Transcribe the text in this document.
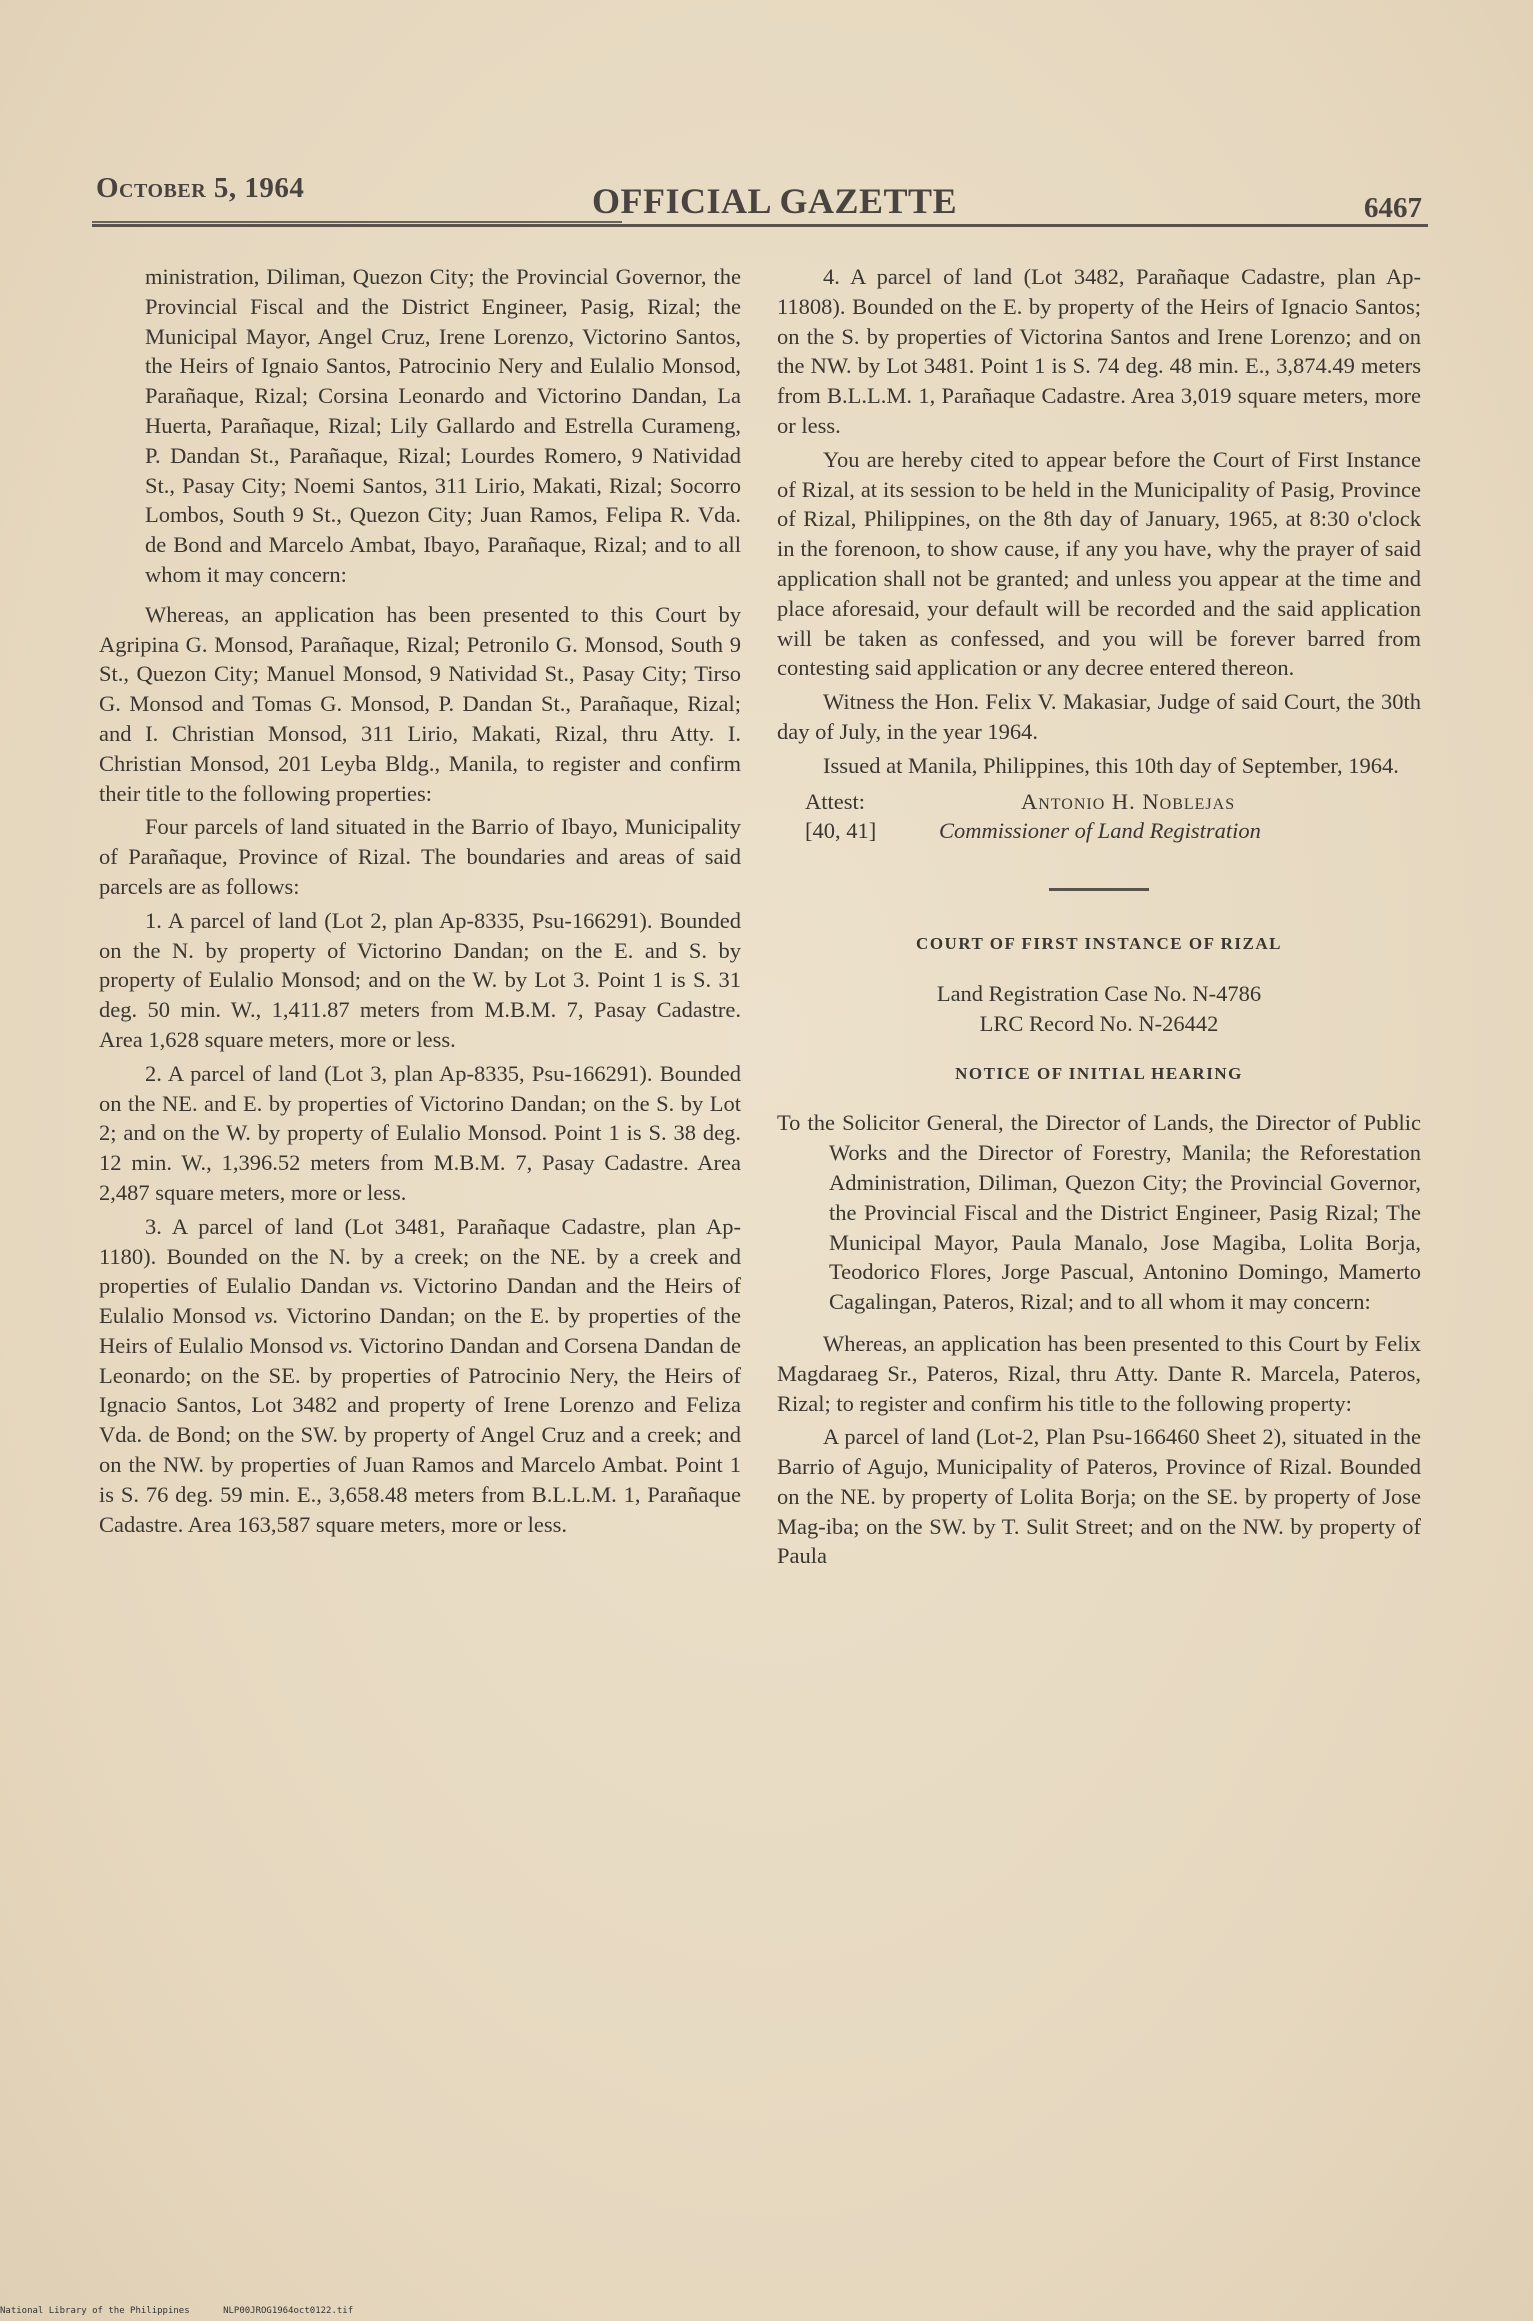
October 5, 1964	OFFICIAL GAZETTE	6467

ministration, Diliman, Quezon City; the Provincial Governor, the Provincial Fiscal and the District Engineer, Pasig, Rizal; the Municipal Mayor, Angel Cruz, Irene Lorenzo, Victorino Santos, the Heirs of Ignaio Santos, Patrocinio Nery and Eulalio Monsod, Parañaque, Rizal; Corsina Leonardo and Victorino Dandan, La Huerta, Parañaque, Rizal; Lily Gallardo and Estrella Curameng, P. Dandan St., Parañaque, Rizal; Lourdes Romero, 9 Natividad St., Pasay City; Noemi Santos, 311 Lirio, Makati, Rizal; Socorro Lombos, South 9 St., Quezon City; Juan Ramos, Felipa R. Vda. de Bond and Marcelo Ambat, Ibayo, Parañaque, Rizal; and to all whom it may concern:

Whereas, an application has been presented to this Court by Agripina G. Monsod, Parañaque, Rizal; Petronilo G. Monsod, South 9 St., Quezon City; Manuel Monsod, 9 Natividad St., Pasay City; Tirso G. Monsod and Tomas G. Monsod, P. Dandan St., Parañaque, Rizal; and I. Christian Monsod, 311 Lirio, Makati, Rizal, thru Atty. I. Christian Monsod, 201 Leyba Bldg., Manila, to register and confirm their title to the following properties:

Four parcels of land situated in the Barrio of Ibayo, Municipality of Parañaque, Province of Rizal. The boundaries and areas of said parcels are as follows:

1. A parcel of land (Lot 2, plan Ap-8335, Psu-166291). Bounded on the N. by property of Victorino Dandan; on the E. and S. by property of Eulalio Monsod; and on the W. by Lot 3. Point 1 is S. 31 deg. 50 min. W., 1,411.87 meters from M.B.M. 7, Pasay Cadastre. Area 1,628 square meters, more or less.

2. A parcel of land (Lot 3, plan Ap-8335, Psu-166291). Bounded on the NE. and E. by properties of Victorino Dandan; on the S. by Lot 2; and on the W. by property of Eulalio Monsod. Point 1 is S. 38 deg. 12 min. W., 1,396.52 meters from M.B.M. 7, Pasay Cadastre. Area 2,487 square meters, more or less.

3. A parcel of land (Lot 3481, Parañaque Cadastre, plan Ap-1180). Bounded on the N. by a creek; on the NE. by a creek and properties of Eulalio Dandan vs. Victorino Dandan and the Heirs of Eulalio Monsod vs. Victorino Dandan; on the E. by properties of the Heirs of Eulalio Monsod vs. Victorino Dandan and Corsena Dandan de Leonardo; on the SE. by properties of Patrocinio Nery, the Heirs of Ignacio Santos, Lot 3482 and property of Irene Lorenzo and Feliza Vda. de Bond; on the SW. by property of Angel Cruz and a creek; and on the NW. by properties of Juan Ramos and Marcelo Ambat. Point 1 is S. 76 deg. 59 min. E., 3,658.48 meters from B.L.L.M. 1, Parañaque Cadastre. Area 163,587 square meters, more or less.

4. A parcel of land (Lot 3482, Parañaque Cadastre, plan Ap-11808). Bounded on the E. by property of the Heirs of Ignacio Santos; on the S. by properties of Victorina Santos and Irene Lorenzo; and on the NW. by Lot 3481. Point 1 is S. 74 deg. 48 min. E., 3,874.49 meters from B.L.L.M. 1, Parañaque Cadastre. Area 3,019 square meters, more or less.

You are hereby cited to appear before the Court of First Instance of Rizal, at its session to be held in the Municipality of Pasig, Province of Rizal, Philippines, on the 8th day of January, 1965, at 8:30 o'clock in the forenoon, to show cause, if any you have, why the prayer of said application shall not be granted; and unless you appear at the time and place aforesaid, your default will be recorded and the said application will be taken as confessed, and you will be forever barred from contesting said application or any decree entered thereon.

Witness the Hon. Felix V. Makasiar, Judge of said Court, the 30th day of July, in the year 1964.

Issued at Manila, Philippines, this 10th day of September, 1964.

Attest:	Antonio H. Noblejas
[40, 41]	Commissioner of Land Registration

COURT OF FIRST INSTANCE OF RIZAL

Land Registration Case No. N-4786

LRC Record No. N-26442

NOTICE OF INITIAL HEARING

To the Solicitor General, the Director of Lands, the Director of Public Works and the Director of Forestry, Manila; the Reforestation Administration, Diliman, Quezon City; the Provincial Governor, the Provincial Fiscal and the District Engineer, Pasig Rizal; The Municipal Mayor, Paula Manalo, Jose Magiba, Lolita Borja, Teodorico Flores, Jorge Pascual, Antonino Domingo, Mamerto Cagalingan, Pateros, Rizal; and to all whom it may concern:

Whereas, an application has been presented to this Court by Felix Magdaraeg Sr., Pateros, Rizal, thru Atty. Dante R. Marcela, Pateros, Rizal; to register and confirm his title to the following property:

A parcel of land (Lot-2, Plan Psu-166460 Sheet 2), situated in the Barrio of Agujo, Municipality of Pateros, Province of Rizal. Bounded on the NE. by property of Lolita Borja; on the SE. by property of Jose Mag-iba; on the SW. by T. Sulit Street; and on the NW. by property of Paula

National Library of the Philippines	NLP00JROG1964oct0122.tif
